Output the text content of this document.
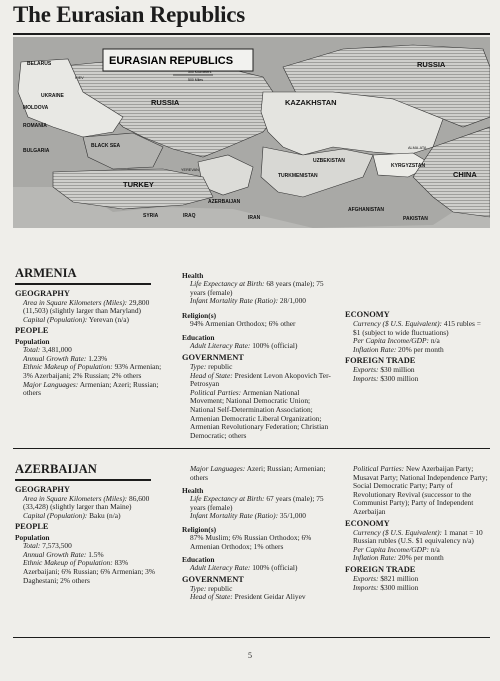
The Eurasian Republics
EURASIAN REPUBLICS
500 Kilometers
500 Miles
RUSSIA
RUSSIA
KAZAKHSTAN
TURKEY
CHINA
BELARUS
UKRAINE
MOLDOVA
ROMANIA
BULGARIA
BLACK SEA
SYRIA	IRAQ	IRAN
AZERBAIJAN
UZBEKISTAN
TURKMENISTAN
KYRGYZSTAN
AFGHANISTAN
PAKISTAN
KIEV
YEREVAN
ALMA-ATA
ARMENIA
GEOGRAPHY
Area in Square Kilometers (Miles): 29,800 (11,503) (slightly larger than Maryland)
Capital (Population): Yerevan (n/a)
PEOPLE
Population
Total: 3,481,000
Annual Growth Rate: 1.23%
Ethnic Makeup of Population: 93% Armenian; 3% Azerbaijani; 2% Russian; 2% others
Major Languages: Armenian; Azeri; Russian; others
Health
Life Expectancy at Birth: 68 years (male); 75 years (female)
Infant Mortality Rate (Ratio): 28/1,000
Religion(s)
94% Armenian Orthodox; 6% other
Education
Adult Literacy Rate: 100% (official)
GOVERNMENT
Type: republic
Head of State: President Levon Akopovich Ter-Petrosyan
Political Parties: Armenian National Movement; National Democratic Union; National Self-Determination Association; Armenian Democratic Liberal Organization; Armenian Revolutionary Federation; Christian Democratic; others
ECONOMY
Currency ($ U.S. Equivalent): 415 rubles = $1 (subject to wide fluctuations)
Per Capita Income/GDP: n/a
Inflation Rate: 20% per month
FOREIGN TRADE
Exports: $30 million
Imports: $300 million
AZERBAIJAN
GEOGRAPHY
Area in Square Kilometers (Miles): 86,600 (33,428) (slightly larger than Maine)
Capital (Population): Baku (n/a)
PEOPLE
Population
Total: 7,573,500
Annual Growth Rate: 1.5%
Ethnic Makeup of Population: 83% Azerbaijani; 6% Russian; 6% Armenian; 3% Daghestani; 2% others
Major Languages: Azeri; Russian; Armenian; others
Health
Life Expectancy at Birth: 67 years (male); 75 years (female)
Infant Mortality Rate (Ratio): 35/1,000
Religion(s)
87% Muslim; 6% Russian Orthodox; 6% Armenian Orthodox; 1% others
Education
Adult Literacy Rate: 100% (official)
GOVERNMENT
Type: republic
Head of State: President Geidar Aliyev
Political Parties: New Azerbaijan Party; Musavat Party; National Independence Party; Social Democratic Party; Party of Revolutionary Revival (successor to the Communist Party); Party of Independent Azerbaijan
ECONOMY
Currency ($ U.S. Equivalent): 1 manat = 10 Russian rubles (U.S. $1 equivalency n/a)
Per Capita Income/GDP: n/a
Inflation Rate: 20% per month
FOREIGN TRADE
Exports: $821 million
Imports: $300 million
5
